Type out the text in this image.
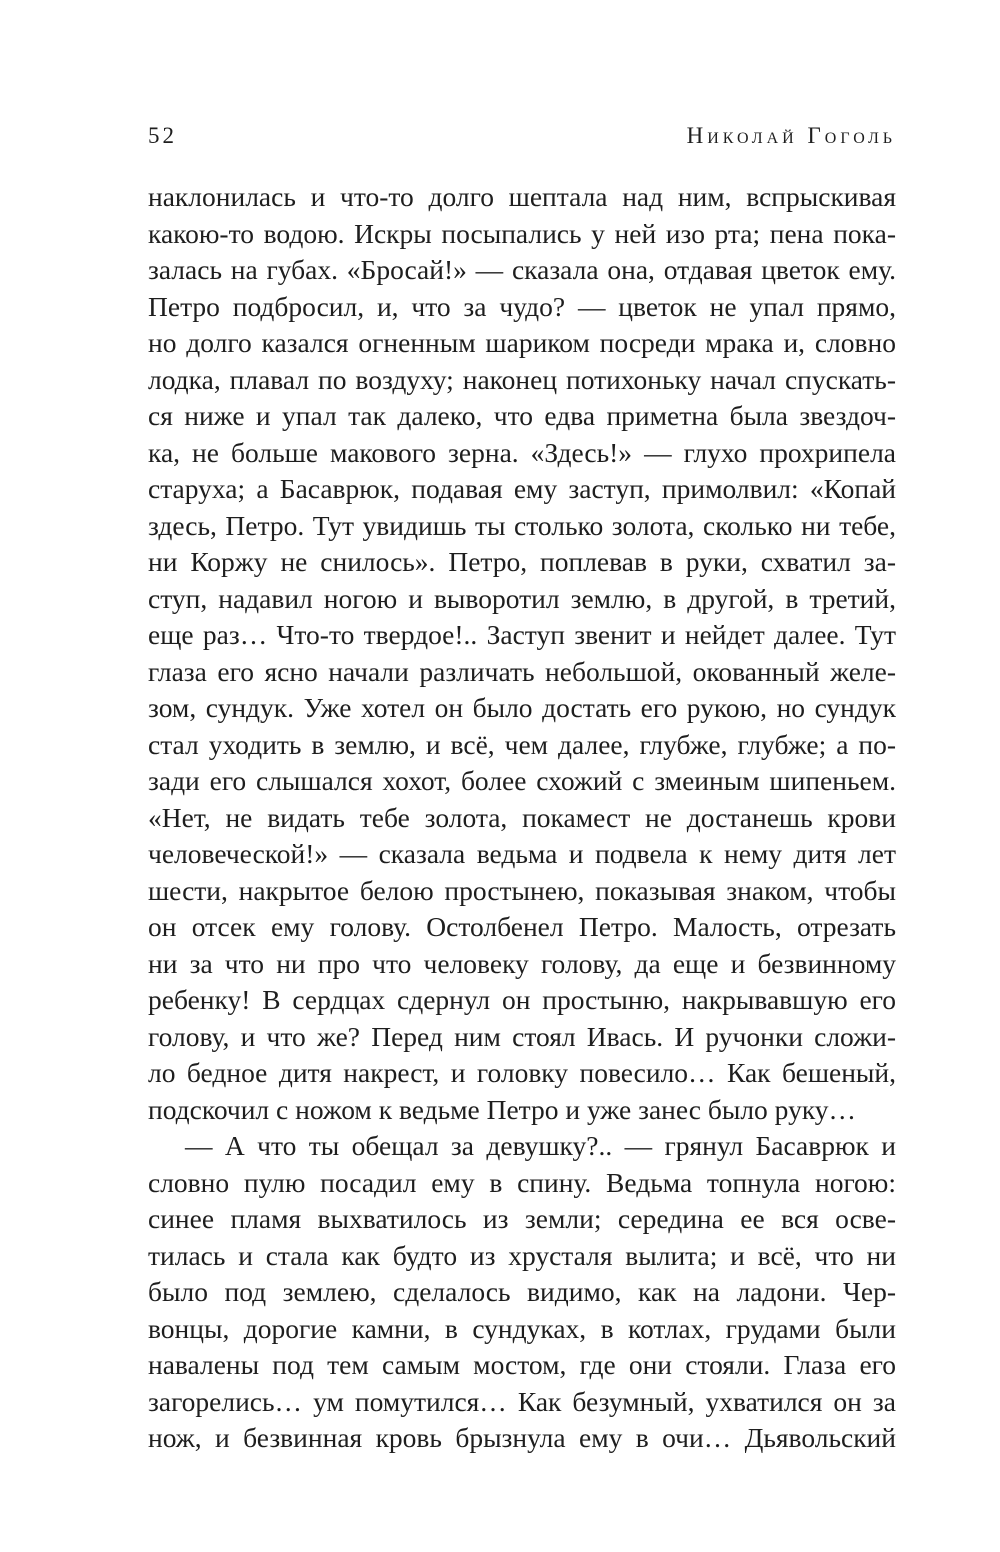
52	Николай Гоголь
наклонилась и что-то долго шептала над ним, вспрыскивая
какою-то водою. Искры посыпались у ней изо рта; пена пока-
залась на губах. «Бросай!» — сказала она, отдавая цветок ему.
Петро подбросил, и, что за чудо? — цветок не упал прямо,
но долго казался огненным шариком посреди мрака и, словно
лодка, плавал по воздуху; наконец потихоньку начал спускать-
ся ниже и упал так далеко, что едва приметна была звездоч-
ка, не больше макового зерна. «Здесь!» — глухо прохрипела
старуха; а Басаврюк, подавая ему заступ, примолвил: «Копай
здесь, Петро. Тут увидишь ты столько золота, сколько ни тебе,
ни Коржу не снилось». Петро, поплевав в руки, схватил за-
ступ, надавил ногою и выворотил землю, в другой, в третий,
еще раз… Что-то твердое!.. Заступ звенит и нейдет далее. Тут
глаза его ясно начали различать небольшой, окованный желе-
зом, сундук. Уже хотел он было достать его рукою, но сундук
стал уходить в землю, и всё, чем далее, глубже, глубже; а по-
зади его слышался хохот, более схожий с змеиным шипеньем.
«Нет, не видать тебе золота, покамест не достанешь крови
человеческой!» — сказала ведьма и подвела к нему дитя лет
шести, накрытое белою простынею, показывая знаком, чтобы
он отсек ему голову. Остолбенел Петро. Малость, отрезать
ни за что ни про что человеку голову, да еще и безвинному
ребенку! В сердцах сдернул он простыню, накрывавшую его
голову, и что же? Перед ним стоял Ивась. И ручонки сложи-
ло бедное дитя накрест, и головку повесило… Как бешеный,
подскочил с ножом к ведьме Петро и уже занес было руку…
— А что ты обещал за девушку?.. — грянул Басаврюк и
словно пулю посадил ему в спину. Ведьма топнула ногою:
синее пламя выхватилось из земли; середина ее вся осве-
тилась и стала как будто из хрусталя вылита; и всё, что ни
было под землею, сделалось видимо, как на ладони. Чер-
вонцы, дорогие камни, в сундуках, в котлах, грудами были
навалены под тем самым мостом, где они стояли. Глаза его
загорелись… ум помутился… Как безумный, ухватился он за
нож, и безвинная кровь брызнула ему в очи… Дьявольский
